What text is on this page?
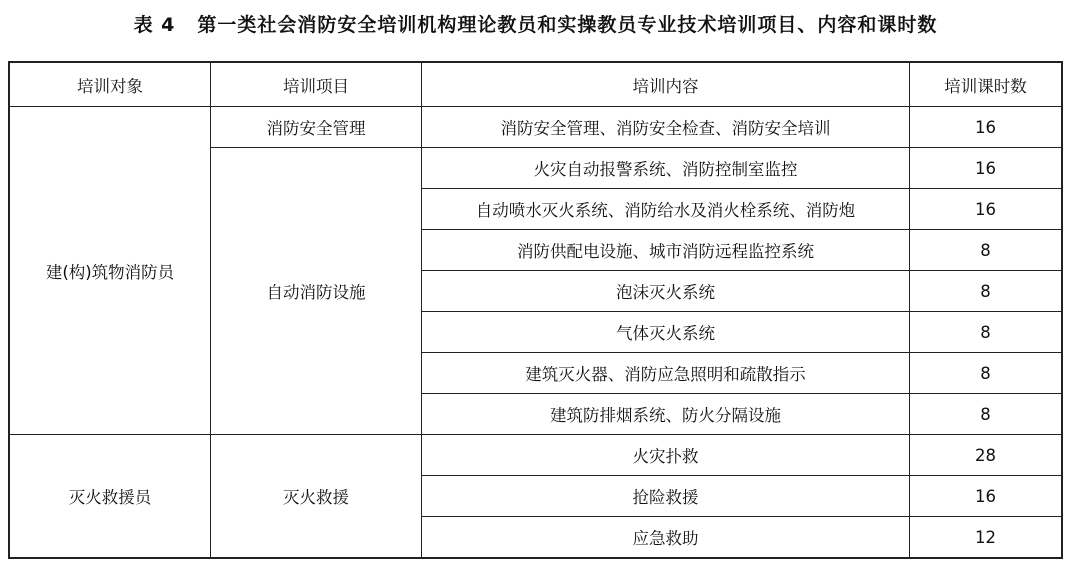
表 4 第一类社会消防安全培训机构理论教员和实操教员专业技术培训项目、内容和课时数
培训对象	培训项目	培训内容	培训课时数
建(构)筑物消防员	消防安全管理	消防安全管理、消防安全检查、消防安全培训	16
	自动消防设施	火灾自动报警系统、消防控制室监控	16
		自动喷水灭火系统、消防给水及消火栓系统、消防炮	16
		消防供配电设施、城市消防远程监控系统	8
		泡沫灭火系统	8
		气体灭火系统	8
		建筑灭火器、消防应急照明和疏散指示	8
		建筑防排烟系统、防火分隔设施	8
灭火救援员	灭火救援	火灾扑救	28
		抢险救援	16
		应急救助	12
